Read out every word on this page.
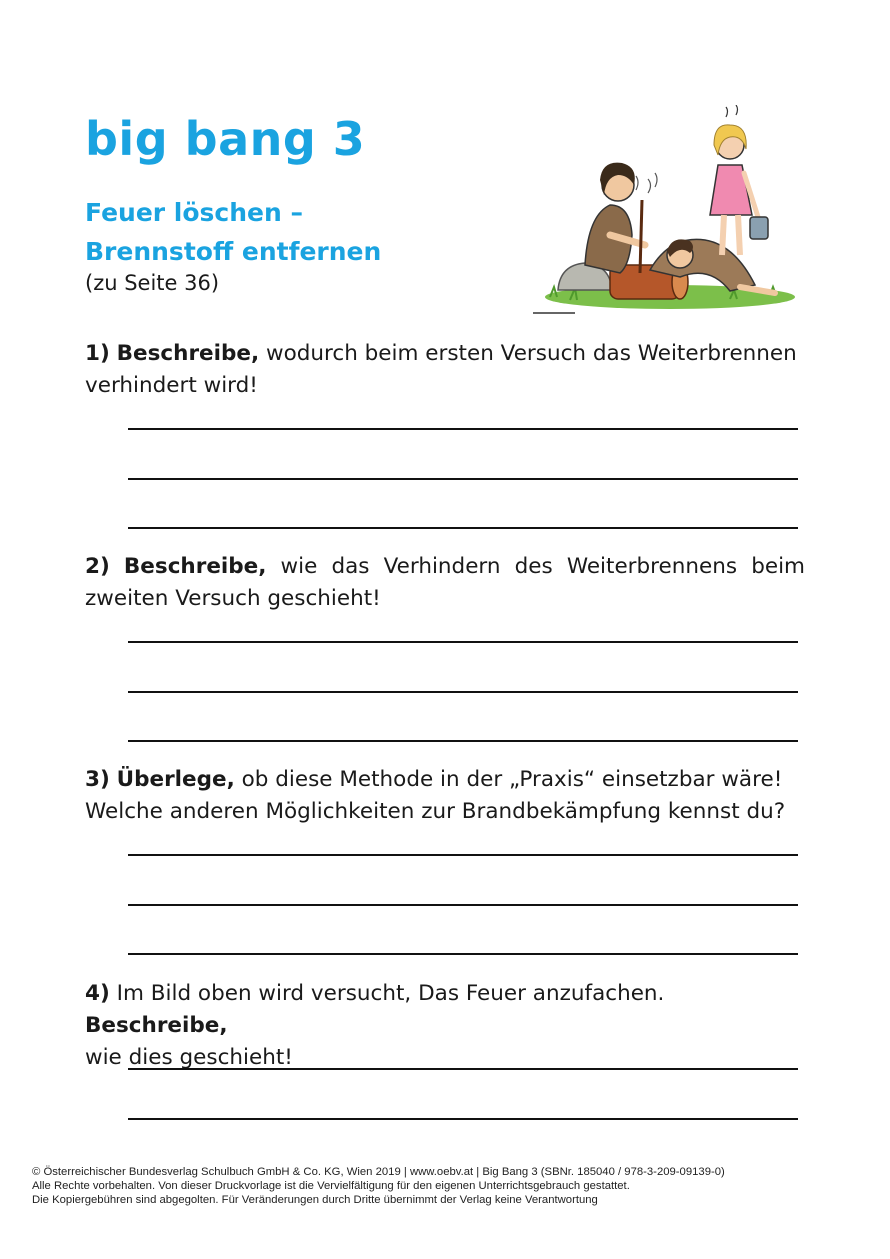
big bang 3
Feuer löschen –
Brennstoff entfernen
(zu Seite 36)
1) Beschreibe, wodurch beim ersten Versuch das Weiterbrennen
verhindert wird!
2) Beschreibe, wie das Verhindern des Weiterbrennens beim
zweiten Versuch geschieht!
3) Überlege, ob diese Methode in der „Praxis“ einsetzbar wäre!
Welche anderen Möglichkeiten zur Brandbekämpfung kennst du?
4) Im Bild oben wird versucht, Das Feuer anzufachen. Beschreibe,
wie dies geschieht!
© Österreichischer Bundesverlag Schulbuch GmbH & Co. KG, Wien 2019 | www.oebv.at | Big Bang 3 (SBNr. 185040 / 978-3-209-09139-0)
Alle Rechte vorbehalten. Von dieser Druckvorlage ist die Vervielfältigung für den eigenen Unterrichtsgebrauch gestattet.
Die Kopiergebühren sind abgegolten. Für Veränderungen durch Dritte übernimmt der Verlag keine Verantwortung
